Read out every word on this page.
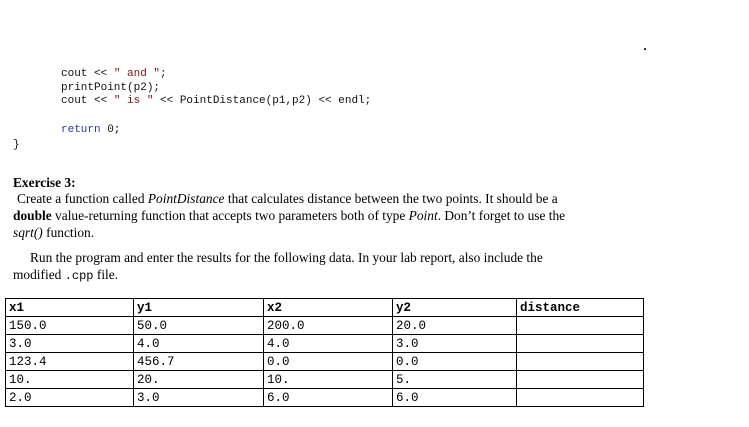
cout << " and ";
printPoint(p2);
cout << " is " << PointDistance(p1,p2) << endl;
return 0;
}
Exercise 3:
Create a function called PointDistance that calculates distance between the two points. It should be a
double value-returning function that accepts two parameters both of type Point. Don’t forget to use the
sqrt() function.
Run the program and enter the results for the following data. In your lab report, also include the
modified .cpp file.
x1	y1	x2	y2	distance
150.0	50.0	200.0	20.0	
3.0	4.0	4.0	3.0	
123.4	456.7	0.0	0.0	
10.	20.	10.	5.	
2.0	3.0	6.0	6.0	
